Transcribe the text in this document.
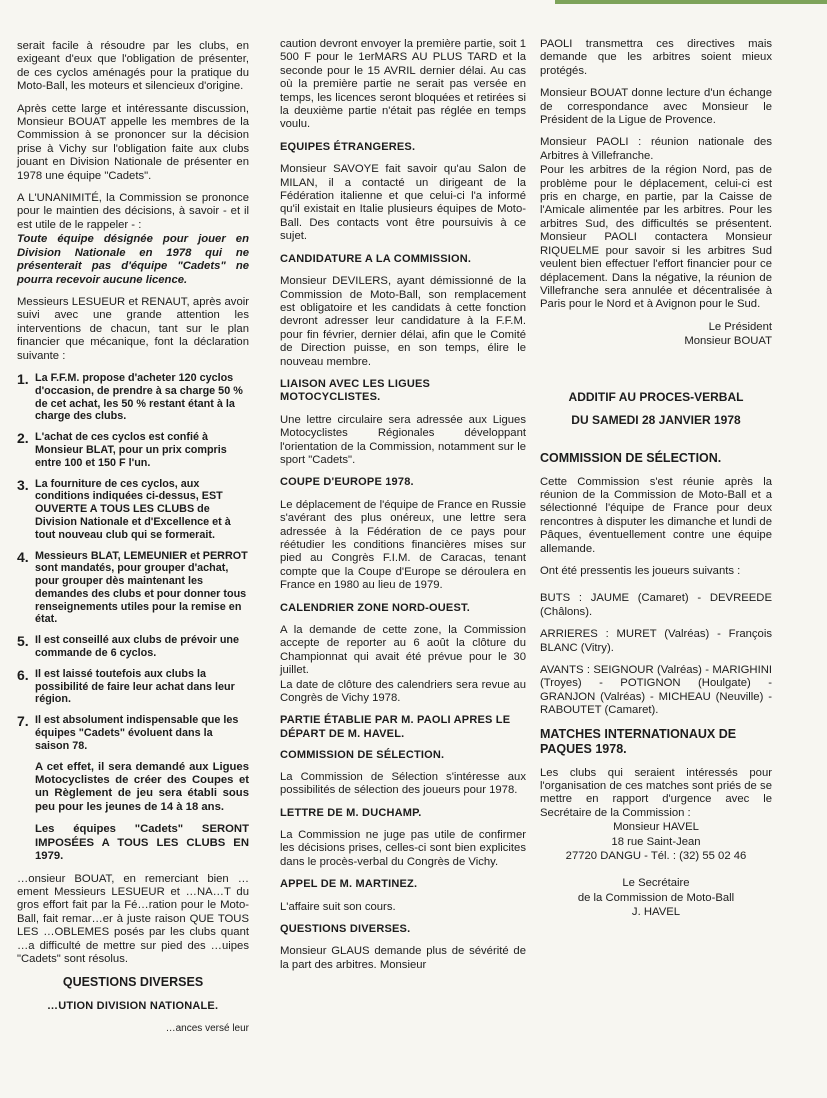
serait facile à résoudre par les clubs, en exigeant d'eux que l'obligation de présenter, de ces cyclos aménagés pour la pratique du Moto-Ball, les moteurs et silencieux d'origine.
Après cette large et intéressante discussion, Monsieur BOUAT appelle les membres de la Commission à se prononcer sur la décision prise à Vichy sur l'obligation faite aux clubs jouant en Division Nationale de présenter en 1978 une équipe "Cadets".
A L'UNANIMITÉ, la Commission se prononce pour le maintien des décisions, à savoir - et il est utile de le rappeler - :
Toute équipe désignée pour jouer en Division Nationale en 1978 qui ne présenterait pas d'équipe "Cadets" ne pourra recevoir aucune licence.
Messieurs LESUEUR et RENAUT, après avoir suivi avec une grande attention les interventions de chacun, tant sur le plan financier que mécanique, font la déclaration suivante :
1. La F.F.M. propose d'acheter 120 cyclos d'occasion, de prendre à sa charge 50 % de cet achat, les 50 % restant étant à la charge des clubs.
2. L'achat de ces cyclos est confié à Monsieur BLAT, pour un prix compris entre 100 et 150 F l'un.
3. La fourniture de ces cyclos, aux conditions indiquées ci-dessus, EST OUVERTE A TOUS LES CLUBS de Division Nationale et d'Excellence et à tout nouveau club qui se formerait.
4. Messieurs BLAT, LEMEUNIER et PERROT sont mandatés, pour grouper d'achat, pour grouper dès maintenant les demandes des clubs et pour donner tous renseignements utiles pour la remise en état.
5. Il est conseillé aux clubs de prévoir une commande de 6 cyclos.
6. Il est laissé toutefois aux clubs la possibilité de faire leur achat dans leur région.
7. Il est absolument indispensable que les équipes "Cadets" évoluent dans la saison 78.
A cet effet, il sera demandé aux Ligues Motocyclistes de créer des Coupes et un Règlement de jeu sera établi sous peu pour les jeunes de 14 à 18 ans.
Les équipes "Cadets" SERONT IMPOSÉES A TOUS LES CLUBS EN 1979.
…onsieur BOUAT, en remerciant bien …ement Messieurs LESUEUR et …NA…T du gros effort fait par la Fé…ration pour le Moto-Ball, fait remar…er à juste raison QUE TOUS LES …OBLEMES posés par les clubs quant …a difficulté de mettre sur pied des …uipes "Cadets" sont résolus.
QUESTIONS DIVERSES
…UTION DIVISION NATIONALE.
…ances versé leur
caution devront envoyer la première partie, soit 1 500 F pour le 1erMARS AU PLUS TARD et la seconde pour le 15 AVRIL dernier délai. Au cas où la première partie ne serait pas versée en temps, les licences seront bloquées et retirées si la deuxième partie n'était pas réglée en temps voulu.
EQUIPES ÉTRANGERES.
Monsieur SAVOYE fait savoir qu'au Salon de MILAN, il a contacté un dirigeant de la Fédération italienne et que celui-ci l'a informé qu'il existait en Italie plusieurs équipes de Moto-Ball. Des contacts vont être poursuivis à ce sujet.
CANDIDATURE A LA COMMISSION.
Monsieur DEVILERS, ayant démissionné de la Commission de Moto-Ball, son remplacement est obligatoire et les candidats à cette fonction devront adresser leur candidature à la F.F.M. pour fin février, dernier délai, afin que le Comité de Direction puisse, en son temps, élire le nouveau membre.
LIAISON AVEC LES LIGUES MOTOCYCLISTES.
Une lettre circulaire sera adressée aux Ligues Motocyclistes Régionales développant l'orientation de la Commission, notamment sur le sport "Cadets".
COUPE D'EUROPE 1978.
Le déplacement de l'équipe de France en Russie s'avérant des plus onéreux, une lettre sera adressée à la Fédération de ce pays pour réétudier les conditions financières mises sur pied au Congrès F.I.M. de Caracas, tenant compte que la Coupe d'Europe se déroulera en France en 1980 au lieu de 1979.
CALENDRIER ZONE NORD-OUEST.
A la demande de cette zone, la Commission accepte de reporter au 6 août la clôture du Championnat qui avait été prévue pour le 30 juillet.
La date de clôture des calendriers sera revue au Congrès de Vichy 1978.
PARTIE ÉTABLIE PAR M. PAOLI APRES LE DÉPART DE M. HAVEL.
COMMISSION DE SÉLECTION.
La Commission de Sélection s'intéresse aux possibilités de sélection des joueurs pour 1978.
LETTRE DE M. DUCHAMP.
La Commission ne juge pas utile de confirmer les décisions prises, celles-ci sont bien explicites dans le procès-verbal du Congrès de Vichy.
APPEL DE M. MARTINEZ.
L'affaire suit son cours.
QUESTIONS DIVERSES.
Monsieur GLAUS demande plus de sévérité de la part des arbitres. Monsieur
PAOLI transmettra ces directives mais demande que les arbitres soient mieux protégés.
Monsieur BOUAT donne lecture d'un échange de correspondance avec Monsieur le Président de la Ligue de Provence.
Monsieur PAOLI : réunion nationale des Arbitres à Villefranche.
Pour les arbitres de la région Nord, pas de problème pour le déplacement, celui-ci est pris en charge, en partie, par la Caisse de l'Amicale alimentée par les arbitres. Pour les arbitres Sud, des difficultés se présentent. Monsieur PAOLI contactera Monsieur RIQUELME pour savoir si les arbitres Sud veulent bien effectuer l'effort financier pour ce déplacement. Dans la négative, la réunion de Villefranche sera annulée et décentralisée à Paris pour le Nord et à Avignon pour le Sud.
Le Président
Monsieur BOUAT
ADDITIF AU PROCES-VERBAL
DU SAMEDI 28 JANVIER 1978
COMMISSION DE SÉLECTION.
Cette Commission s'est réunie après la réunion de la Commission de Moto-Ball et a sélectionné l'équipe de France pour deux rencontres à disputer les dimanche et lundi de Pâques, éventuellement contre une équipe allemande.
Ont été pressentis les joueurs suivants :
BUTS : JAUME (Camaret) - DEVREEDE (Châlons).
ARRIERES : MURET (Valréas) - François BLANC (Vitry).
AVANTS : SEIGNOUR (Valréas) - MARIGHINI (Troyes) - POTIGNON (Houlgate) - GRANJON (Valréas) - MICHEAU (Neuville) - RABOUTET (Camaret).
MATCHES INTERNATIONAUX DE PAQUES 1978.
Les clubs qui seraient intéressés pour l'organisation de ces matches sont priés de se mettre en rapport d'urgence avec le Secrétaire de la Commission :
Monsieur HAVEL
18 rue Saint-Jean
27720 DANGU - Tél. : (32) 55 02 46
Le Secrétaire
de la Commission de Moto-Ball
J. HAVEL
